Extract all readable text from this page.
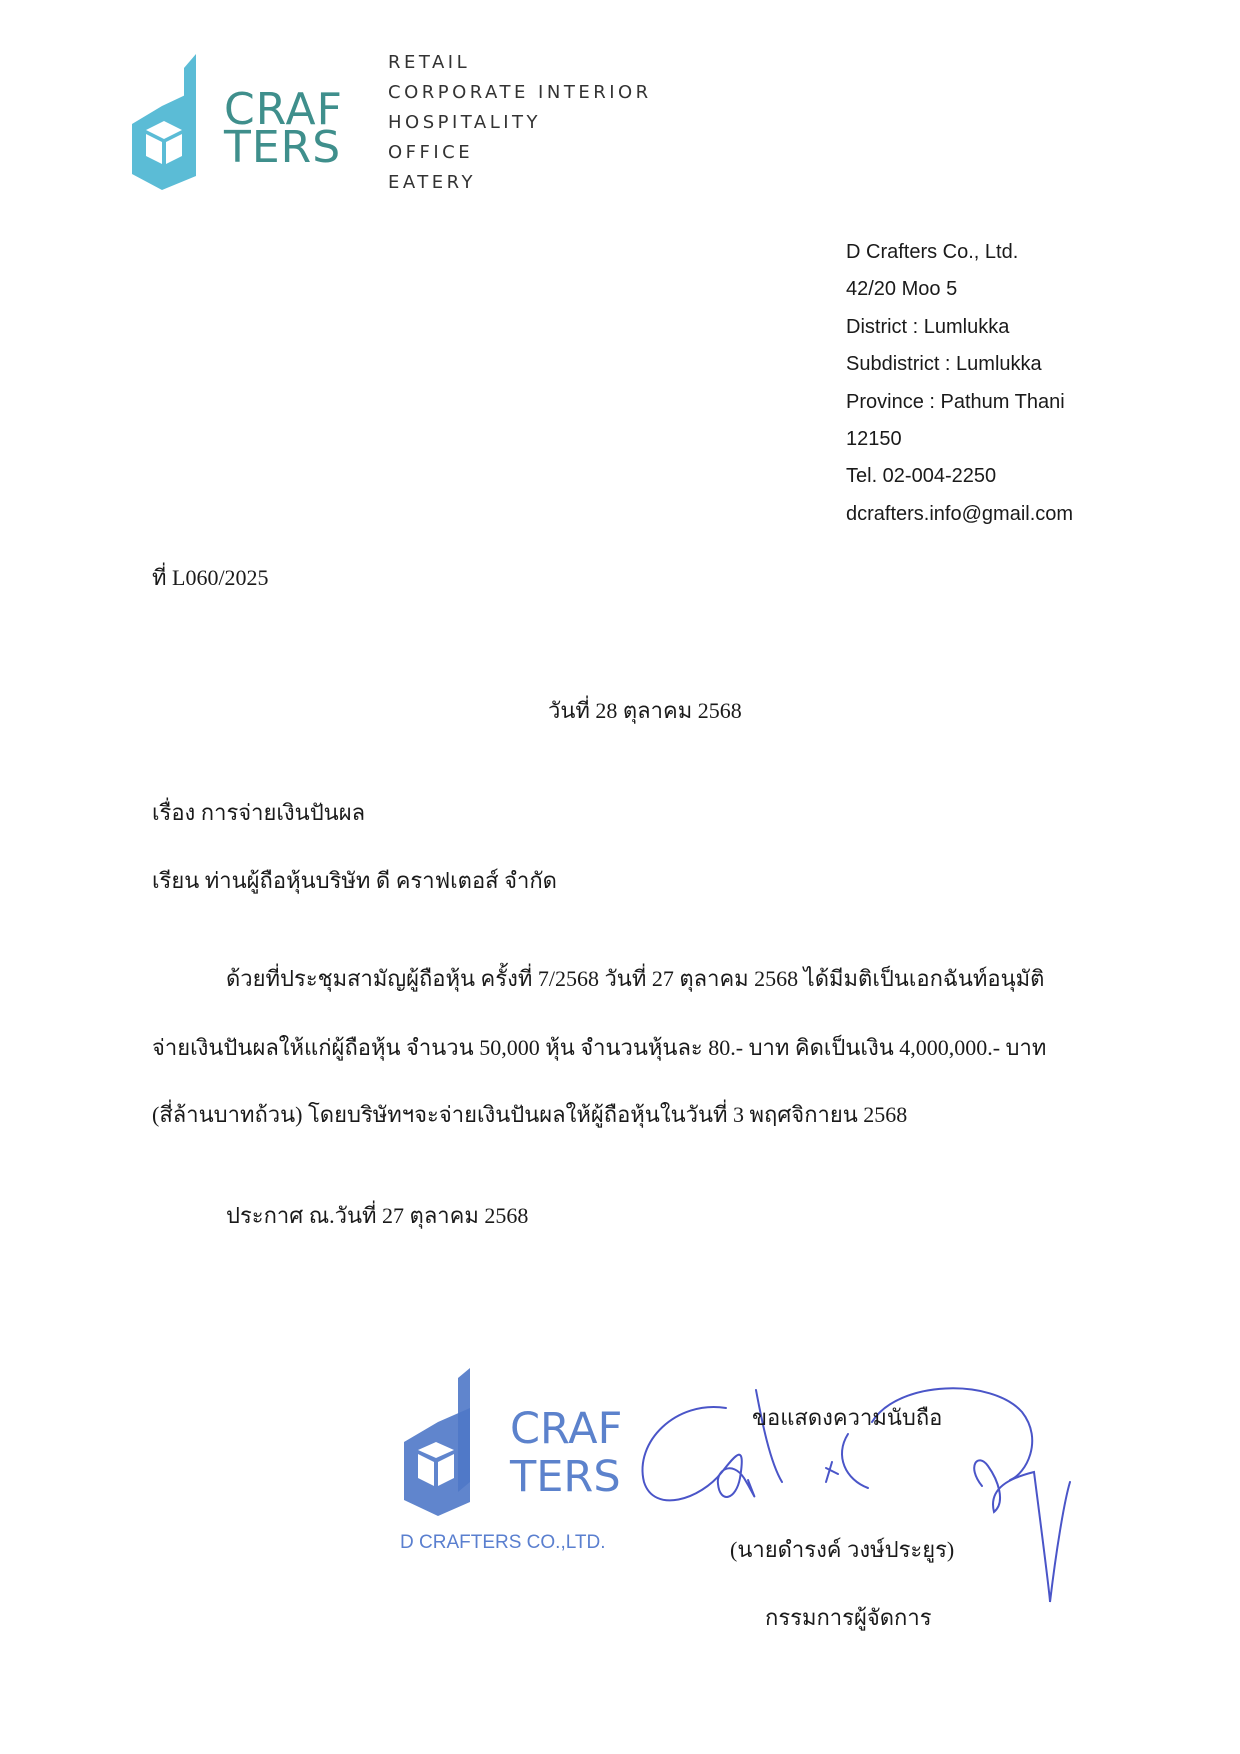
CRAF
TERS
RETAIL
CORPORATE INTERIOR
HOSPITALITY
OFFICE
EATERY
D Crafters Co., Ltd.
42/20 Moo 5
District : Lumlukka
Subdistrict : Lumlukka
Province : Pathum Thani
12150
Tel. 02-004-2250
dcrafters.info@gmail.com
ที่ L060/2025
วันที่ 28 ตุลาคม 2568
เรื่อง การจ่ายเงินปันผล
เรียน ท่านผู้ถือหุ้นบริษัท ดี คราฟเตอส์ จำกัด
ด้วยที่ประชุมสามัญผู้ถือหุ้น ครั้งที่ 7/2568 วันที่ 27 ตุลาคม 2568 ได้มีมติเป็นเอกฉันท์อนุมัติ
จ่ายเงินปันผลให้แก่ผู้ถือหุ้น จำนวน 50,000 หุ้น จำนวนหุ้นละ 80.- บาท คิดเป็นเงิน 4,000,000.- บาท
(สี่ล้านบาทถ้วน) โดยบริษัทฯจะจ่ายเงินปันผลให้ผู้ถือหุ้นในวันที่ 3 พฤศจิกายน 2568
ประกาศ ณ.วันที่ 27 ตุลาคม 2568
CRAF
TERS
D CRAFTERS CO.,LTD.
ขอแสดงความนับถือ
(นายดำรงค์ วงษ์ประยูร)
กรรมการผู้จัดการ
